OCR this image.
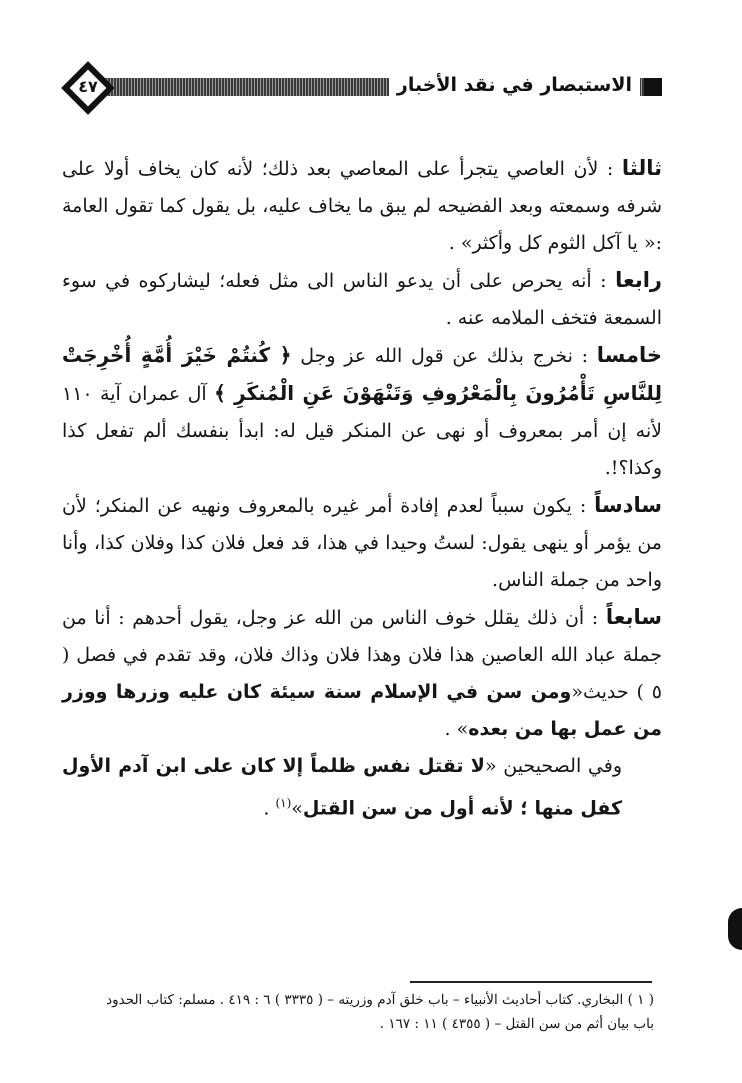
الاستبصار في نقد الأخبار
٤٧

ثالثا : لأن العاصي يتجرأ على المعاصي بعد ذلك؛ لأنه كان يخاف أولا على شرفه وسمعته وبعد الفضيحه لم يبق ما يخاف عليه، بل يقول كما تقول العامة :« يا آكل الثوم كل وأكثر» .

رابعا : أنه يحرص على أن يدعو الناس الى مثل فعله؛ ليشاركوه في سوء السمعة فتخف الملامه عنه .

خامسا : نخرج بذلك عن قول الله عز وجل ﴿ كُنتُمْ خَيْرَ أُمَّةٍ أُخْرِجَتْ لِلنَّاسِ تَأْمُرُونَ بِالْمَعْرُوفِ وَتَنْهَوْنَ عَنِ الْمُنكَرِ ﴾ آل عمران آية ١١٠ لأنه إن أمر بمعروف أو نهى عن المنكر قيل له: ابدأ بنفسك ألم تفعل كذا وكذا؟!.

سادساً : يكون سبباً لعدم إفادة أمر غيره بالمعروف ونهيه عن المنكر؛ لأن من يؤمر أو ينهى يقول: لستُ وحيدا في هذا، قد فعل فلان كذا وفلان كذا، وأنا واحد من جملة الناس.

سابعاً : أن ذلك يقلل خوف الناس من الله عز وجل، يقول أحدهم : أنا من جملة عباد الله العاصين هذا فلان وهذا فلان وذاك فلان، وقد تقدم في فصل ( ٥ ) حديث«ومن سن في الإسلام سنة سيئة كان عليه وزرها ووزر من عمل بها من بعده» .

وفي الصحيحين «لا تقتل نفس ظلماً إلا كان على ابن آدم الأول كفل منها ؛ لأنه أول من سن القتل»$^{(١)}$ .

( ١ ) البخاري. كتاب أحاديث الأنبياء – باب خلق آدم وزريته – ( ٣٣٣٥ ) ٦ : ٤١٩ . مسلم: كتاب الحدود

باب بيان أثم من سن القتل – ( ٤٣٥٥ ) ١١ : ١٦٧ .
